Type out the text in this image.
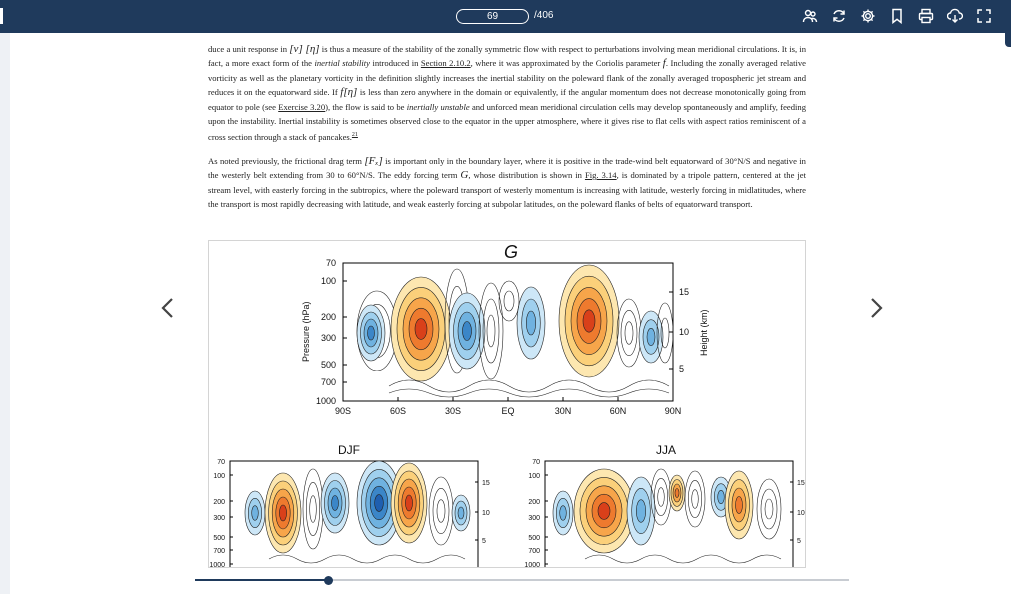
69	/406

duce a unit response in [v] [η] is thus a measure of the stability of the zonally symmetric flow with respect to perturbations involving mean meridional circulations. It is, in fact, a more exact form of the inertial stability introduced in Section 2.10.2, where it was approximated by the Coriolis parameter f. Including the zonally averaged relative vorticity as well as the planetary vorticity in the definition slightly increases the inertial stability on the poleward flank of the zonally averaged tropospheric jet stream and reduces it on the equatorward side. If f[η] is less than zero anywhere in the domain or equivalently, if the angular momentum does not decrease monotonically going from equator to pole (see Exercise 3.20), the flow is said to be inertially unstable and unforced mean meridional circulation cells may develop spontaneously and amplify, feeding upon the instability. Inertial instability is sometimes observed close to the equator in the upper atmosphere, where it gives rise to flat cells with aspect ratios reminiscent of a cross section through a stack of pancakes.$^{21}$

As noted previously, the frictional drag term [Fₓ] is important only in the boundary layer, where it is positive in the trade-wind belt equatorward of 30°N/S and negative in the westerly belt extending from 30 to 60°N/S. The eddy forcing term G, whose distribution is shown in Fig. 3.14, is dominated by a tripole pattern, centered at the jet stream level, with easterly forcing in the subtropics, where the poleward transport of westerly momentum is increasing with latitude, westerly forcing in midlatitudes, where the transport is most rapidly decreasing with latitude, and weak easterly forcing at subpolar latitudes, on the poleward flanks of belts of equatorward transport.

G
70
100
200
300
500
700
1000
15
10
5
90S	60S	30S	EQ	30N	60N	90N
Pressure (hPa)	Height (km)
DJF
70
100
200
300
500
700
1000
15
10
5
JJA
70
100
200
300
500
700
1000
15
10
5
